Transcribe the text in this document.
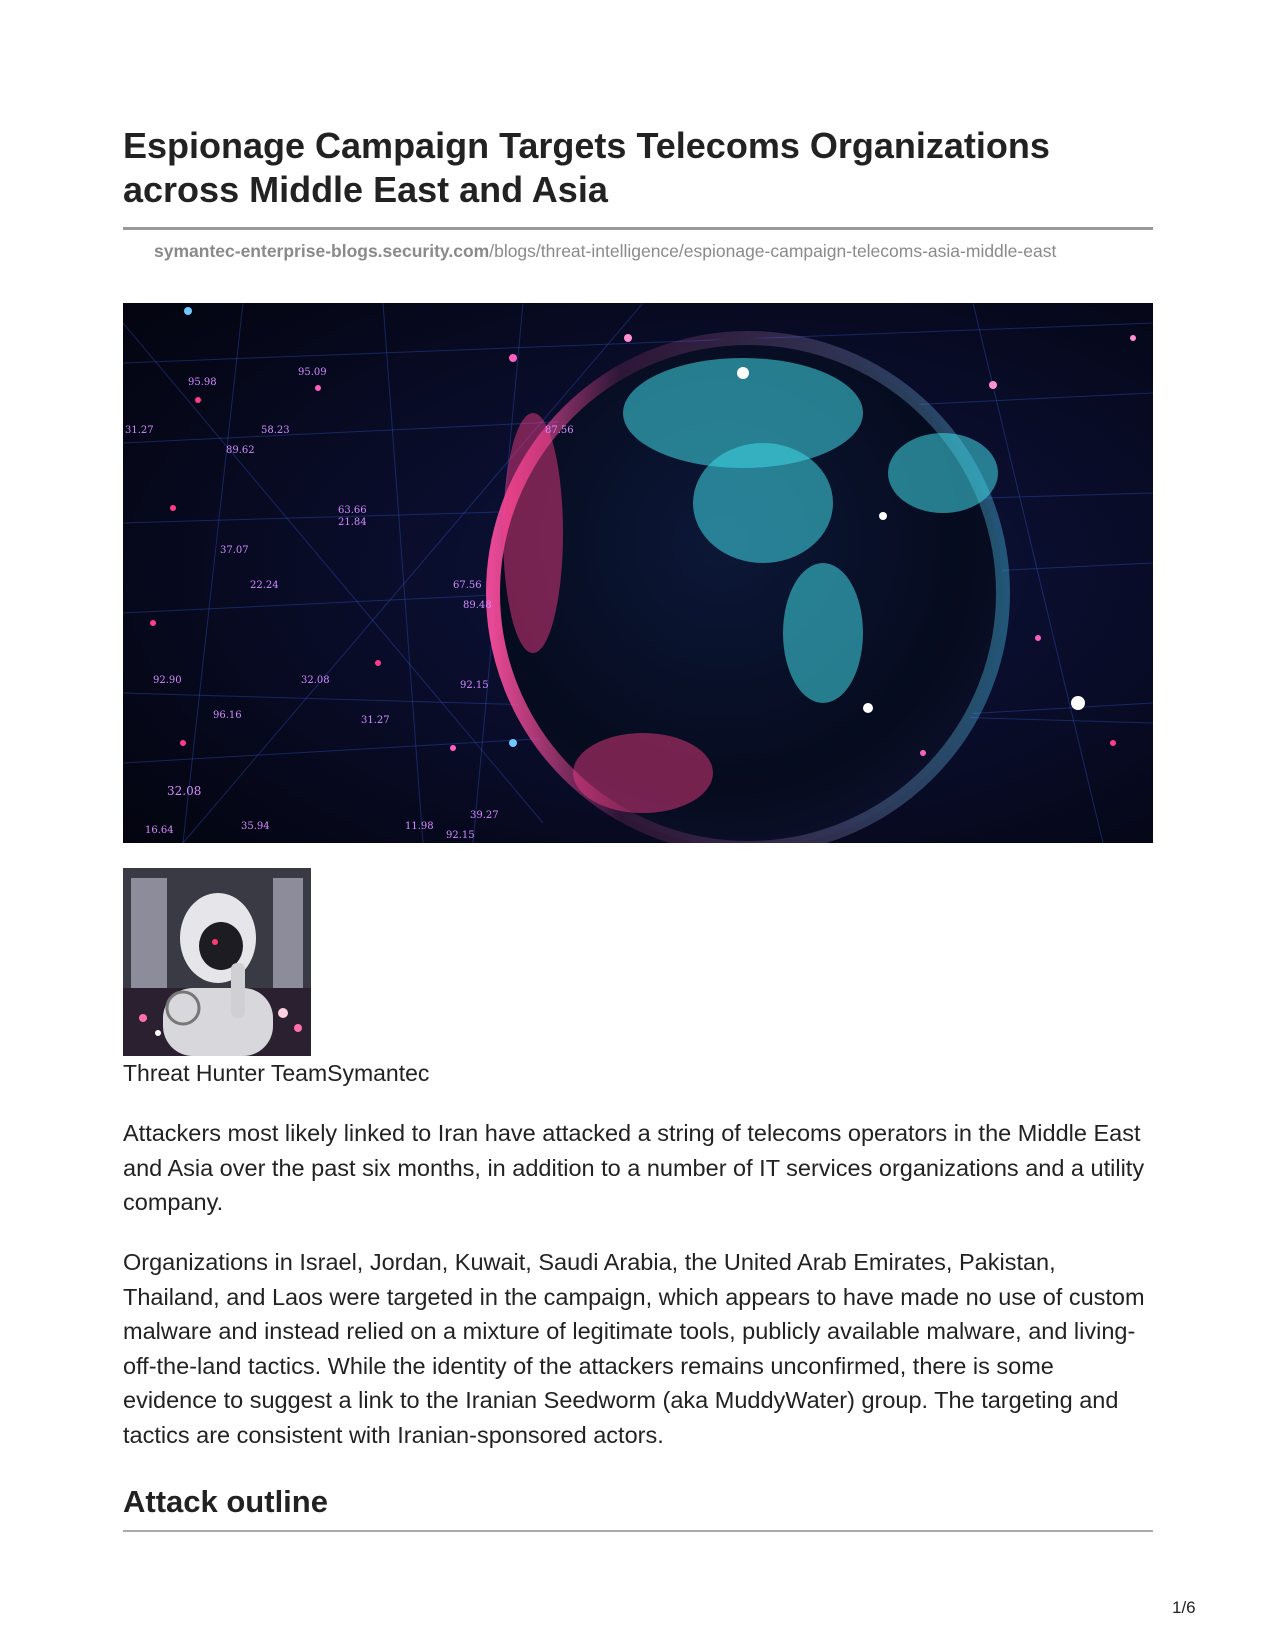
Espionage Campaign Targets Telecoms Organizations across Middle East and Asia
symantec-enterprise-blogs.security.com/blogs/threat-intelligence/espionage-campaign-telecoms-asia-middle-east
95.98
95.09
31.27	58.23
89.62
87.56
37.07
22.24
32.08
96.16	31.27
92.90
32.08
16.64	35.94
92.15
92.15
39.27
11.98
21.84
63.66
67.56
89.48
Threat Hunter TeamSymantec

Attackers most likely linked to Iran have attacked a string of telecoms operators in the Middle East and Asia over the past six months, in addition to a number of IT services organizations and a utility company.

Organizations in Israel, Jordan, Kuwait, Saudi Arabia, the United Arab Emirates, Pakistan, Thailand, and Laos were targeted in the campaign, which appears to have made no use of custom malware and instead relied on a mixture of legitimate tools, publicly available malware, and living-off-the-land tactics. While the identity of the attackers remains unconfirmed, there is some evidence to suggest a link to the Iranian Seedworm (aka MuddyWater) group. The targeting and tactics are consistent with Iranian-sponsored actors.

Attack outline
1/6
